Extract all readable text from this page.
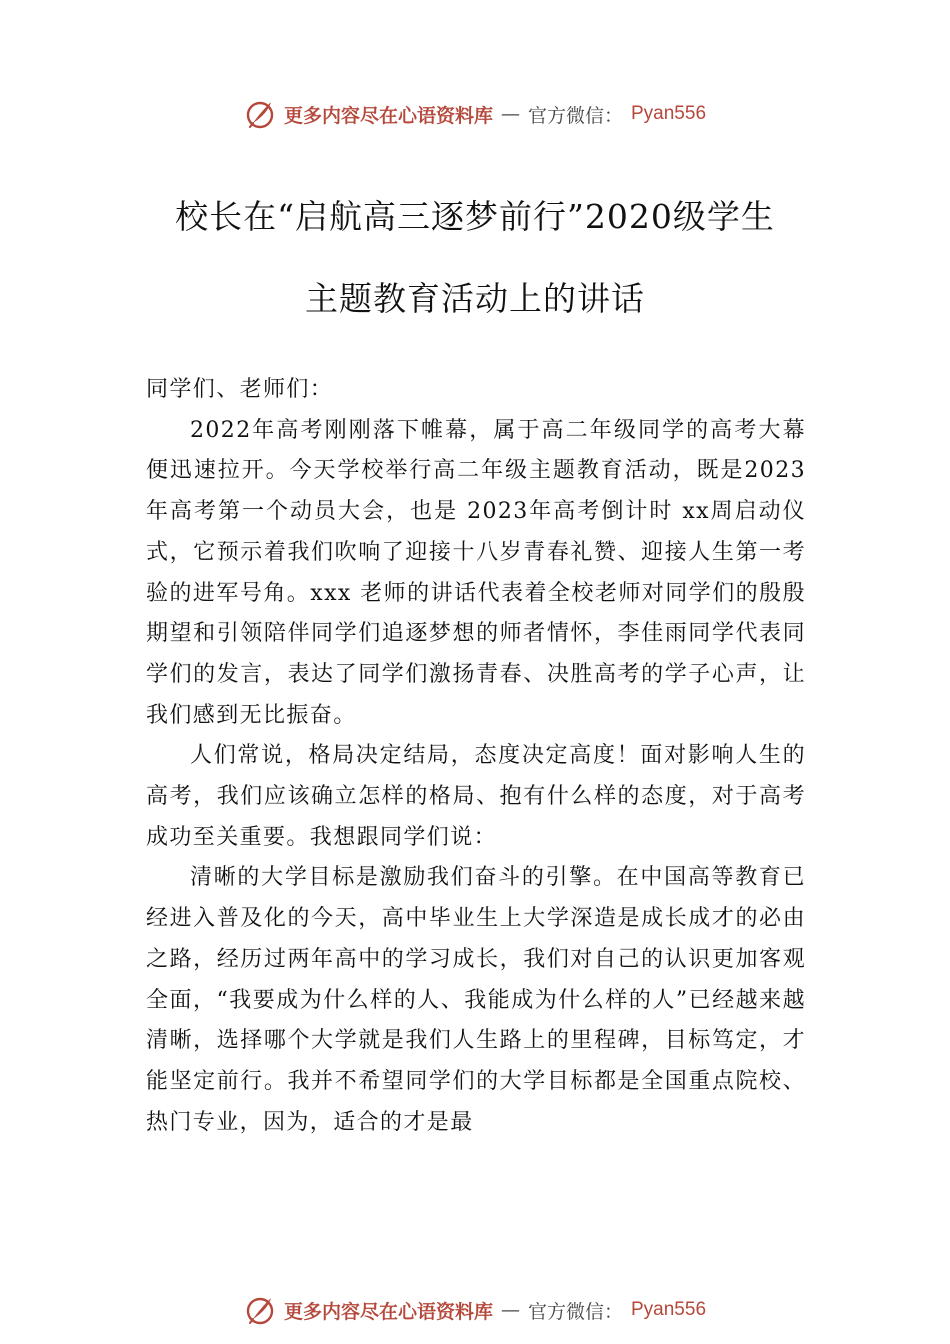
更多内容尽在心语资料库 — 官方微信： Pyan556
校长在“启航高三逐梦前行”2020级学生
主题教育活动上的讲话

同学们、老师们：

2022年高考刚刚落下帷幕，属于高二年级同学的高考大幕便迅速拉开。今天学校举行高二年级主题教育活动，既是2023年高考第一个动员大会，也是 2023年高考倒计时 xx周启动仪式，它预示着我们吹响了迎接十八岁青春礼赞、迎接人生第一考验的进军号角。xxx 老师的讲话代表着全校老师对同学们的殷殷期望和引领陪伴同学们追逐梦想的师者情怀，李佳雨同学代表同学们的发言，表达了同学们激扬青春、决胜高考的学子心声，让我们感到无比振奋。

人们常说，格局决定结局，态度决定高度！面对影响人生的高考，我们应该确立怎样的格局、抱有什么样的态度，对于高考成功至关重要。我想跟同学们说：

清晰的大学目标是激励我们奋斗的引擎。在中国高等教育已经进入普及化的今天，高中毕业生上大学深造是成长成才的必由之路，经历过两年高中的学习成长，我们对自己的认识更加客观全面，“我要成为什么样的人、我能成为什么样的人”已经越来越清晰，选择哪个大学就是我们人生路上的里程碑，目标笃定，才能坚定前行。我并不希望同学们的大学目标都是全国重点院校、热门专业，因为，适合的才是最

更多内容尽在心语资料库 — 官方微信： Pyan556
